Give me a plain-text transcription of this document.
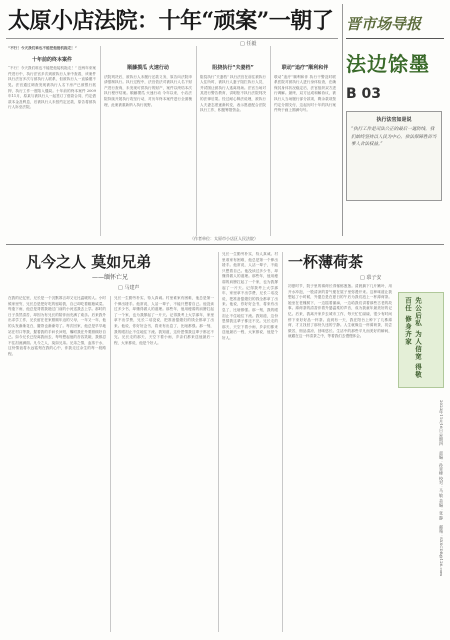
太原小店法院：十年“顽案”一朝了
□ 任毅
“不行！今天我们谁也不能把他接机拖走！”
十年前的终本案件
“不行！今天我们谁也不能把他接机拖走！” 近两年来案件进行中，执行法官多次到被执行人家中查看，该案件执行法官多次与被执行人联系，但被执行人一直躲避不见。法官通过调查发现被执行人名下房产已被银行抵押，执行工作一度陷入僵局。十年前的终本案件 2009年11月，原某与被执行人一起签订了借款合同，约定借款本金及利息，后被执行人未按约定还款，原告将被执行人诉至法院。
顺藤摸瓜 火速行动
法院判决后，被执行人未履行还款义务，原告向法院申请强制执行。执行过程中，法官依法对被执行人名下财产进行查询，未发现可供执行的财产，案件以终结本次执行程序结案。顺藤摸瓜 火速行动 今年以来，小店法院持续开展执行攻坚行动，对历年终本案件进行全面梳理，此案被重新纳入执行视野。
阻挠执行“夫妻档”
阻挠执行“夫妻档” 执行法官在前往被执行人住所时，被执行人妻子阻拦执行人员，并试图让被执行人逃离现场。法官当场对其进行警告教育，讲明拒不执行法院判决的法律后果。经过耐心释法说理，被执行人夫妻态度逐渐转变，表示愿意配合法院执行工作，积极筹措资金。
联动“追疗”顺利和伴
联动“追疗”顺利和伴 执行干警及时联系医院对被执行人进行身体检查，在确保其身体状况稳定后，法官组织双方进行调解。最终，双方达成和解协议，被执行人当场履行部分款项，剩余款项按约定分期支付，这起历时十年的执行案件终于画上圆满句号。
（作者单位：太原市小店区人民法院）
晋市场导报
法边馀墨
B 03
执行法官如是说
“执行工作是司法公正的最后一道防线，我们始终坚持以人民为中心，依法保障胜诉当事人合法权益。”
凡今之人 莫如兄弟
——缅怀亡兄
□ 马建声
在我的记忆里，兄长是一个沉默寡言却又无比温暖的人。小时候家里穷，兄长总是把好吃的留给我，自己却吃着粗粮咸菜。每逢下雨，他总是背着我趟过门前的小河送我去上学。那时的日子虽然清苦，却因为有兄长的陪伴而充满了欢乐。后来我外出求学工作，兄长留在老家照顾年迈的父母，一年又一年，他的头发渐渐花白，腰背也渐渐弯了。每次回家，他总是早早地站在村口等我，握着我的手问长问短，嘱咐我在外要照顾好自己。如今兄长已经离我而去，每每想起他的音容笑貌，我都忍不住泪流满面。凡今之人，莫如兄弟。兄弟之情，血浓于水，这份情谊将永远铭刻在我的心中，伴我走过余生的每一段路程。
兄长一生勤劳朴实，待人真诚。村里谁家有困难，他总是第一个伸出援手。他常说，人活一辈子，不能只想着自己。他没读过多少书，却懂得做人的道理。那些年，他用瘦弱的肩膀扛起了一个家，也为我撑起了一片天。记得我考上大学那年，家里拿不出学费，兄长二话没说，把准备娶媳妇的钱全都拿了出来。他说，你好好念书，将来有出息了，比啥都强。那一刻，我的眼泪止不住地往下流。我知道，这份恩情我这辈子都还不完。兄长走的那天，天空下着小雨，乡亲们都来送他最后一程，大家都说，他是个好人。
兄长一生勤劳朴实，待人真诚。村里谁家有困难，他总是第一个伸出援手。他常说，人活一辈子，不能只想着自己。他没读过多少书，却懂得做人的道理。那些年，他用瘦弱的肩膀扛起了一个家，也为我撑起了一片天。记得我考上大学那年，家里拿不出学费，兄长二话没说，把准备娶媳妇的钱全都拿了出来。他说，你好好念书，将来有出息了，比啥都强。那一刻，我的眼泪止不住地往下流。我知道，这份恩情我这辈子都还不完。兄长走的那天，天空下着小雨，乡亲们都来送他最后一程，大家都说，他是个好人。
一杯薄荷茶
□ 慕子安
初夏时节，院子里的薄荷长得郁郁葱葱。清晨摘下几片嫩叶，用开水冲泡，一股清凉的香气便在屋子里弥漫开来。这种味道让我想起了小时候，外婆总是在夏日的午后为我们泡上一杯薄荷茶。她坐在老槐树下，一边摇着蒲扇，一边给我们讲着那些古老的故事。薄荷茶的清香伴着外婆温柔的声音，成为我童年最美好的记忆。后来，我离开家乡去城市工作，每天忙忙碌碌，很少有时间停下来好好品一杯茶。直到有一天，我在阳台上种下了几株薄荷，才又找回了那份久违的宁静。人生就像这一杯薄荷茶，初尝微苦，细品清凉，回味悠长。生活中的那些平凡而美好的瞬间，就藏在这一杯清茶之中，等着我们去慢慢体会。	先公后私 为人信宽 得敬百任 修身齐家
2023年11月16日 星期四 责编：孙晋峰 校对：马 敏 美编：张 静 邮箱：SXSCDB@126.com
